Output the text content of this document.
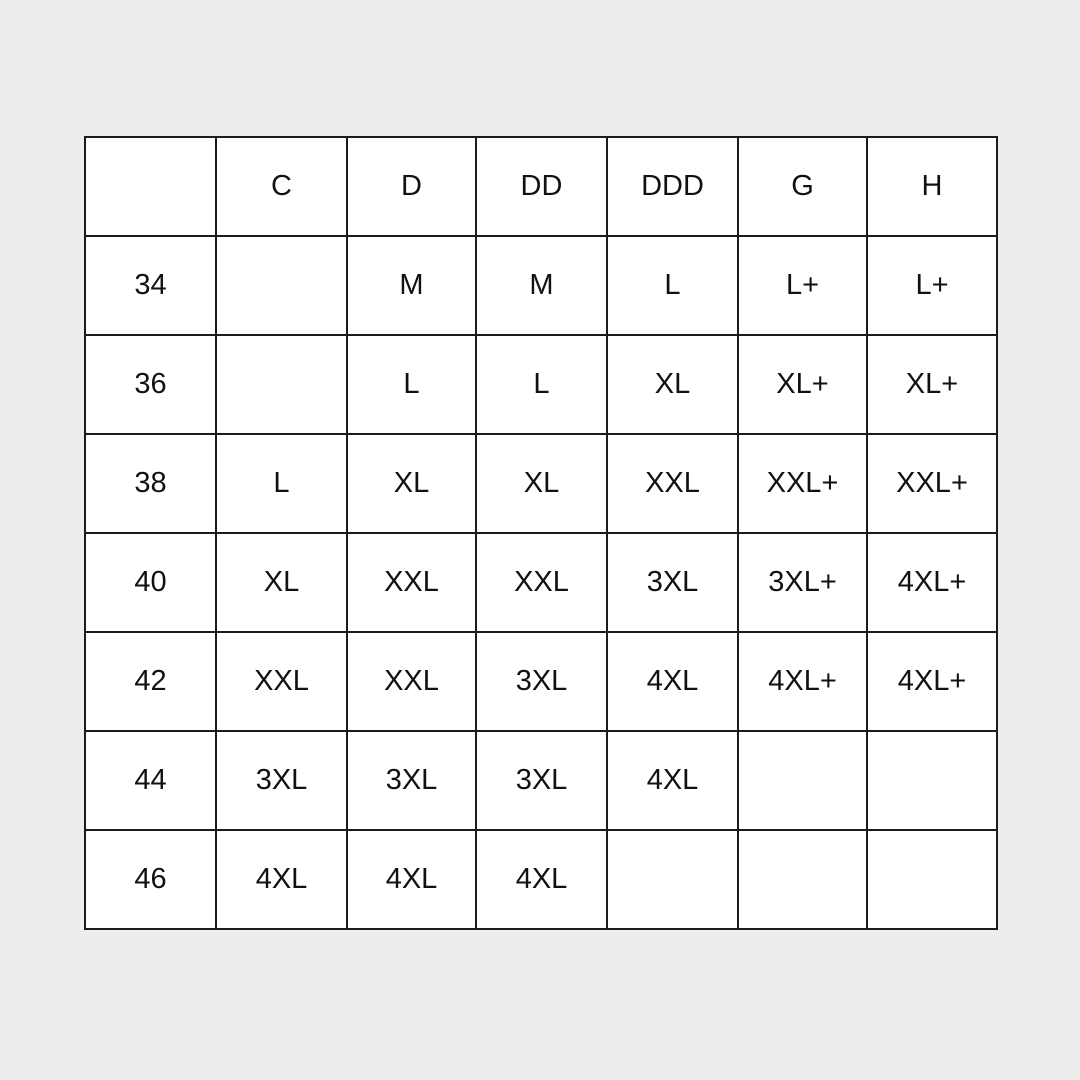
	C	D	DD	DDD	G	H
34		M	M	L	L+	L+
36		L	L	XL	XL+	XL+
38	L	XL	XL	XXL	XXL+	XXL+
40	XL	XXL	XXL	3XL	3XL+	4XL+
42	XXL	XXL	3XL	4XL	4XL+	4XL+
44	3XL	3XL	3XL	4XL		
46	4XL	4XL	4XL			
